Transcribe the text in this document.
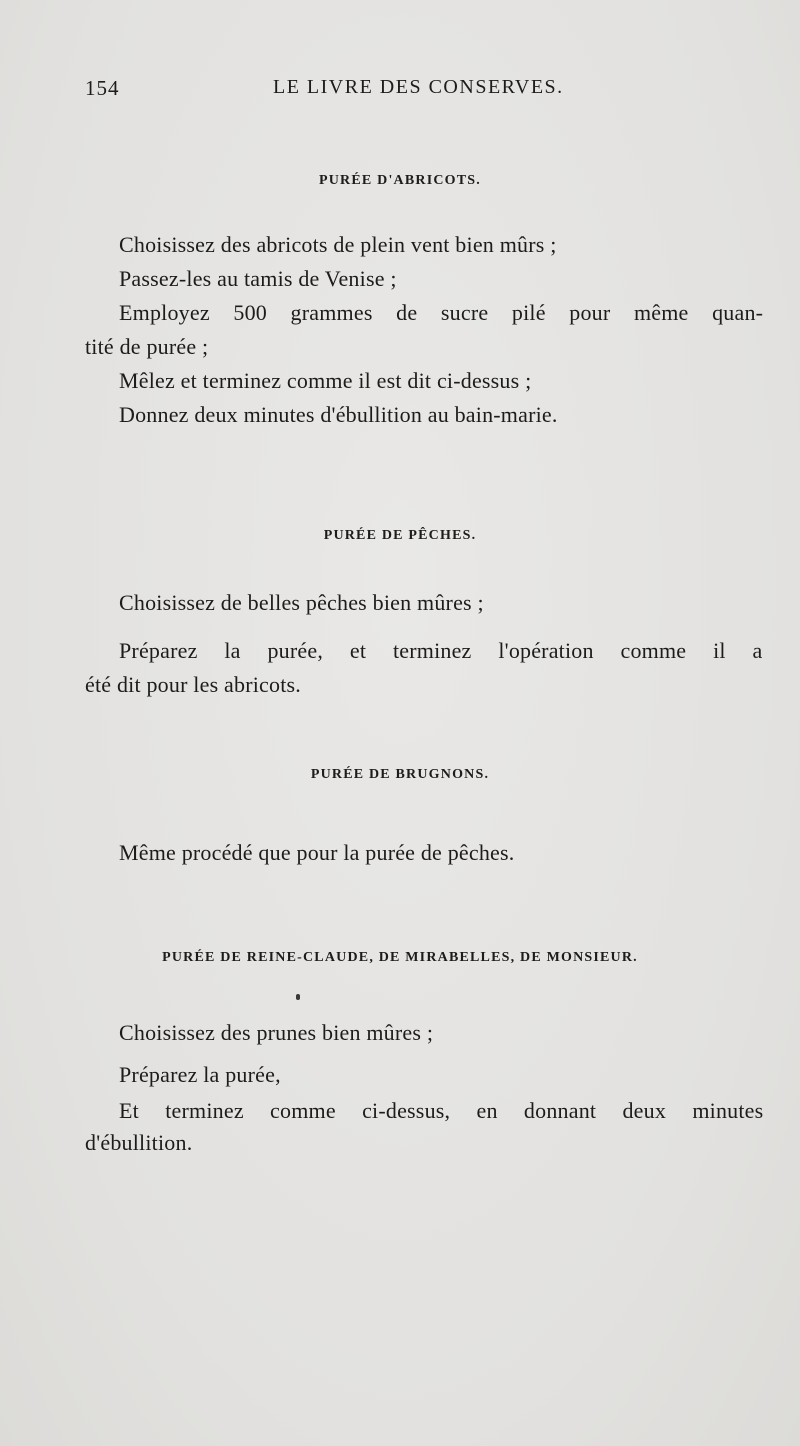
154	LE LIVRE DES CONSERVES.
PURÉE D'ABRICOTS.
Choisissez des abricots de plein vent bien mûrs ;
Passez-les au tamis de Venise ;
Employez 500 grammes de sucre pilé pour même quan-
tité de purée ;
Mêlez et terminez comme il est dit ci-dessus ;
Donnez deux minutes d'ébullition au bain-marie.
PURÉE DE PÊCHES.
Choisissez de belles pêches bien mûres ;
Préparez la purée, et terminez l'opération comme il a
été dit pour les abricots.
PURÉE DE BRUGNONS.
Même procédé que pour la purée de pêches.
PURÉE DE REINE-CLAUDE, DE MIRABELLES, DE MONSIEUR.
Choisissez des prunes bien mûres ;
Préparez la purée,
Et terminez comme ci-dessus, en donnant deux minutes
d'ébullition.
